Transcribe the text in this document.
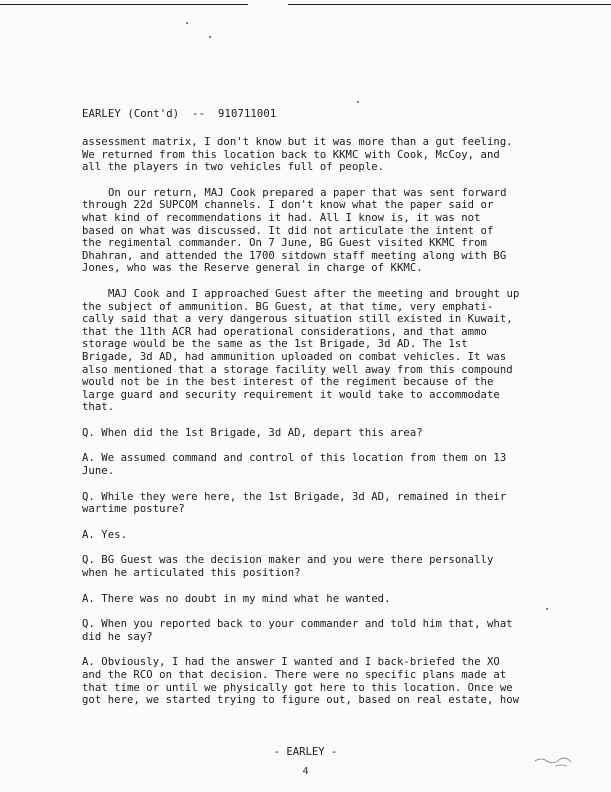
EARLEY (Cont'd)  --  910711001

assessment matrix, I don't know but it was more than a gut feeling.
We returned from this location back to KKMC with Cook, McCoy, and
all the players in two vehicles full of people.

On our return, MAJ Cook prepared a paper that was sent forward
through 22d SUPCOM channels. I don't know what the paper said or
what kind of recommendations it had. All I know is, it was not
based on what was discussed. It did not articulate the intent of
the regimental commander. On 7 June, BG Guest visited KKMC from
Dhahran, and attended the 1700 sitdown staff meeting along with BG
Jones, who was the Reserve general in charge of KKMC.

MAJ Cook and I approached Guest after the meeting and brought up
the subject of ammunition. BG Guest, at that time, very emphati-
cally said that a very dangerous situation still existed in Kuwait,
that the 11th ACR had operational considerations, and that ammo
storage would be the same as the 1st Brigade, 3d AD. The 1st
Brigade, 3d AD, had ammunition uploaded on combat vehicles. It was
also mentioned that a storage facility well away from this compound
would not be in the best interest of the regiment because of the
large guard and security requirement it would take to accommodate
that.

Q. When did the 1st Brigade, 3d AD, depart this area?

A. We assumed command and control of this location from them on 13
June.

Q. While they were here, the 1st Brigade, 3d AD, remained in their
wartime posture?

A. Yes.

Q. BG Guest was the decision maker and you were there personally
when he articulated this position?

A. There was no doubt in my mind what he wanted.

Q. When you reported back to your commander and told him that, what
did he say?

A. Obviously, I had the answer I wanted and I back-briefed the XO
and the RCO on that decision. There were no specific plans made at
that time or until we physically got here to this location. Once we
got here, we started trying to figure out, based on real estate, how

- EARLEY -
4
